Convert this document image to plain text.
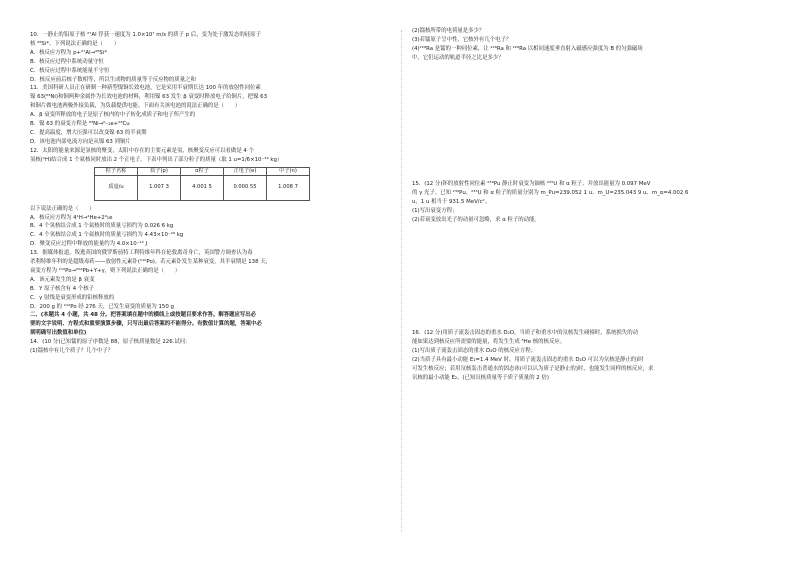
10．一静止的铝原子核 ²⁷Al 俘获一速度为 1.0×10⁷ m/s 的质子 p 后，变为处于激发态的硅原子
核 ²⁸Si*。下列说法正确的是（　　）
A．核反应方程为 p+²⁷Al→²⁸Si*
B．核反应过程中系统动量守恒
C．核反应过程中系统能量不守恒
D．核反应前后核子数相等，所以生成物的质量等于反应物的质量之和
11．美国科研人员正在研制一种新型镍铜长效电池，它是采用半衰期长达 100 年的放射性同位素
镍 63(⁶³Ni)和铜两种金属作为长效电池的材料，利用镍 63 发生 β 衰变时释放电子给铜片，把镍 63
和铜片做电池两极外接负载，为负载提供电能。下面有关该电池的说法正确的是（　　）
A．β 衰变所释放的电子是原子核内的中子转化成质子和电子所产生的
B．镍 63 的衰变方程是 ⁶³Ni→⁰₋₁e+⁶³Cu
C．提高温度，增大压强可以改变镍 63 的半衰期
D．该电池内部电流方向是从镍 63 到铜片
12．太阳的能量来源是氢核的聚变，太阳中存在的主要元素是氢，核聚变反应可以看做是 4 个
氢核(¹H)结合成 1 个氦核同时放出 2 个正电子。下表中列出了部分粒子的质量（取 1 u=1/6×10⁻²⁶ kg）
粒子名称	质子(p)	α粒子	正电子(e)	中子(n)
质量/u	1.007 3	4.001 5	0.000 55	1.008 7
以下说法正确的是（　　）
A．核反应方程为 4¹H→⁴He+2⁰₁e
B．4 个氢核结合成 1 个氦核时的质量亏损约为 0.026 6 kg
C．4 个氢核结合成 1 个氦核时的质量亏损约为 4.43×10⁻²⁹ kg
D．聚变反应过程中释放的能量约为 4.0×10⁻¹² J
13．据媒体报道，叛逃英国的俄罗斯前特工利特维年科在伦敦离奇身亡，英国警方调查认为毒
杀利特维年科的是超级毒药——放射性元素钋(²¹⁰Po)。若元素钋发生某种衰变，其半衰期是 138 天，
衰变方程为 ²¹⁰Po→²⁰⁶Pb+Y+γ，则下列说法正确的是（　　）
A．该元素发生的是 β 衰变
B．Y 原子核含有 4 个核子
C．γ 射线是衰变形成的铅核释放的
D．200 g 的 ²¹⁰Po 经 276 天，已发生衰变的质量为 150 g
二、(本题共 4 小题，共 48 分。把答案填在题中的横线上或按题目要求作答。解答题应写出必
要的文字说明、方程式和重要演算步骤，只写出最后答案的不能得分。有数值计算的题，答案中必
须明确写出数值和单位)
14．(10 分)已知镭的原子序数是 88，原子核质量数是 226.试问：
(1)镭核中有几个质子？几个中子？
(2)镭核所带的电荷量是多少？
(3)若镭原子呈中性，它核外有几个电子？
(4)²²⁸Ra 是镭的一种同位素，让 ²²⁶Ra 和 ²²⁸Ra 以相同速度垂直射入磁感应强度为 B 的匀强磁场
中，它们运动的轨道半径之比是多少？
15．(12 分)钚的放射性同位素 ²³⁹Pu 静止时衰变为铀核 ²³⁵U 和 α 粒子，并放出能量为 0.097 MeV
的 γ 光子。已知 ²³⁹Pu、²³⁵U 和 α 粒子的质量分别为 m_Pu=239.052 1 u、m_U=235.043 9 u、m_α=4.002 6
u，1 u 相当于 931.5 MeV/c²。
(1)写出衰变方程；
(2)若衰变放出光子的动量可忽略，求 α 粒子的动能。
16．(12 分)用质子流轰击固态的重水 D₂O，当质子和重水中的氘核发生碰撞时，系统损失的动
能如果达到核反应所需要的能量，将发生生成 ³He 核的核反应。
(1)写出质子流轰击固态的重水 D₂O 的核反应方程；
(2)当质子具有最小动能 E₁=1.4 MeV 时，用质子流轰击固态的重水 D₂O 可以为氘核是静止的)时
可发生核反应；若用氘核轰击普通水的固态冰(可以认为质子是静止的)时，也能发生同样的核反应，求
氘核的最小动能 E₂。(已知氘核质量等于质子质量的 2 倍)
